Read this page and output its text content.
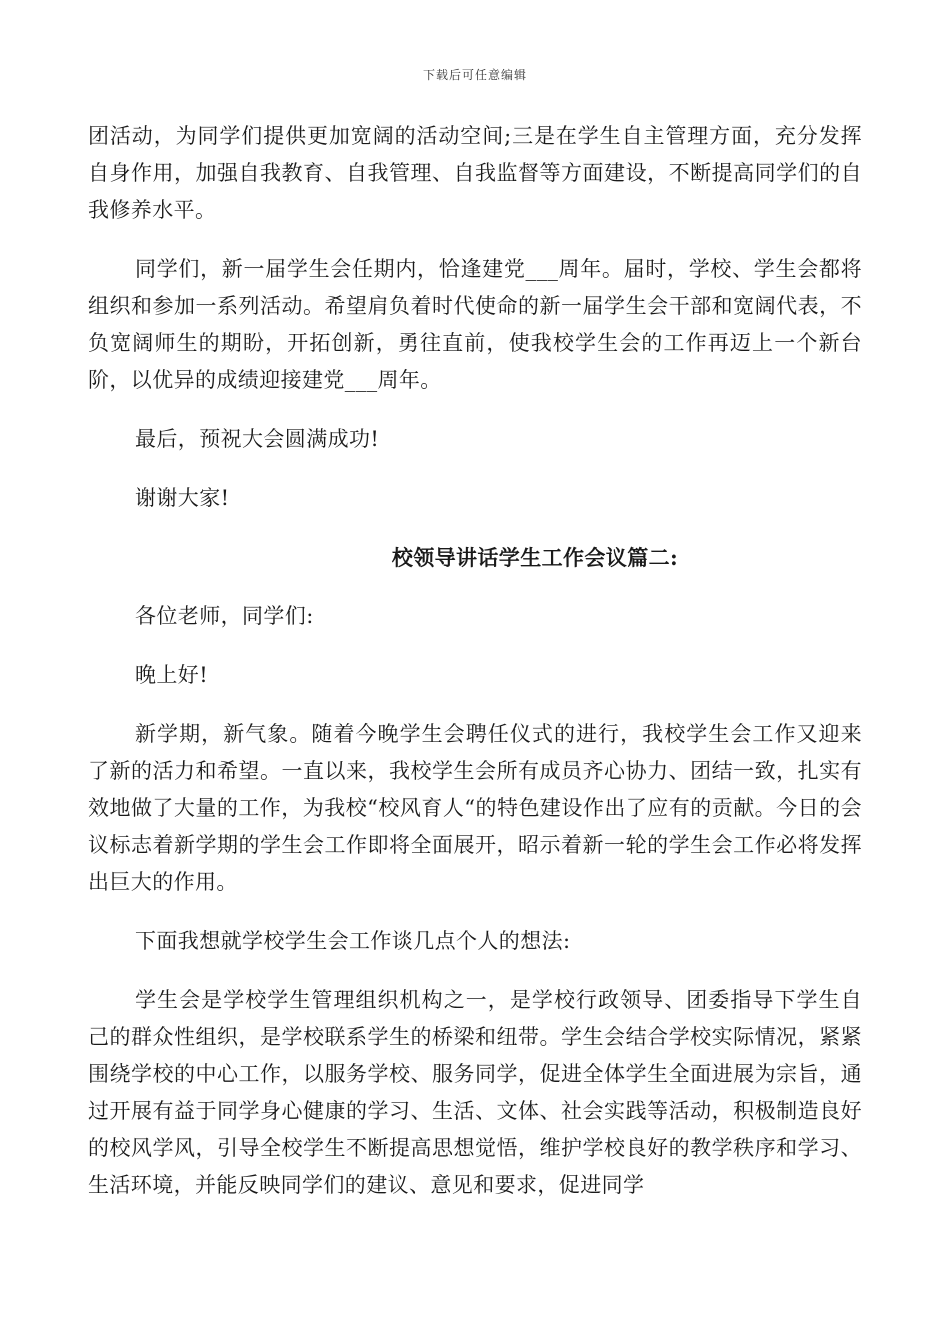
下载后可任意编辑

团活动，为同学们提供更加宽阔的活动空间;三是在学生自主管理方面，充分发挥自身作用，加强自我教育、自我管理、自我监督等方面建设，不断提高同学们的自我修养水平。

同学们，新一届学生会任期内，恰逢建党___周年。届时，学校、学生会都将组织和参加一系列活动。希望肩负着时代使命的新一届学生会干部和宽阔代表，不负宽阔师生的期盼，开拓创新，勇往直前，使我校学生会的工作再迈上一个新台阶，以优异的成绩迎接建党___周年。

最后，预祝大会圆满成功!

谢谢大家!

校领导讲话学生工作会议篇二:

各位老师，同学们:

晚上好!

新学期，新气象。随着今晚学生会聘任仪式的进行，我校学生会工作又迎来了新的活力和希望。一直以来，我校学生会所有成员齐心协力、团结一致，扎实有效地做了大量的工作，为我校“校风育人“的特色建设作出了应有的贡献。今日的会议标志着新学期的学生会工作即将全面展开，昭示着新一轮的学生会工作必将发挥出巨大的作用。

下面我想就学校学生会工作谈几点个人的想法:

学生会是学校学生管理组织机构之一，是学校行政领导、团委指导下学生自己的群众性组织，是学校联系学生的桥梁和纽带。学生会结合学校实际情况，紧紧围绕学校的中心工作，以服务学校、服务同学，促进全体学生全面进展为宗旨，通过开展有益于同学身心健康的学习、生活、文体、社会实践等活动，积极制造良好的校风学风，引导全校学生不断提高思想觉悟，维护学校良好的教学秩序和学习、生活环境，并能反映同学们的建议、意见和要求，促进同学
